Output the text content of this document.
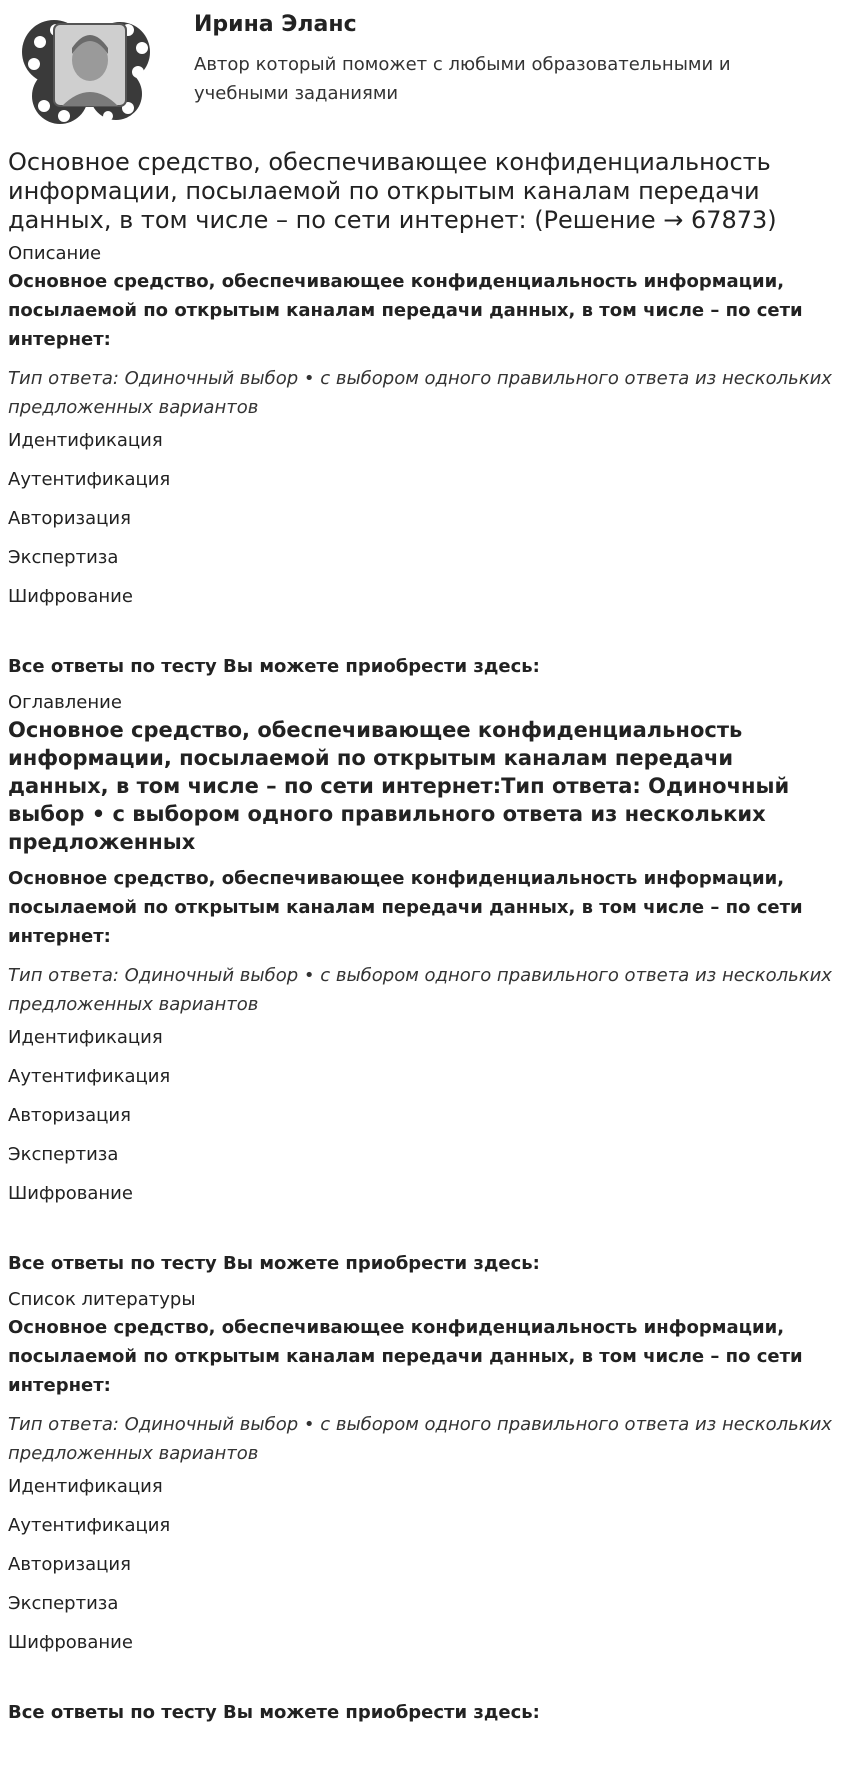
Ирина Эланс

Автор который поможет с любыми образовательными и учебными заданиями

Основное средство, обеспечивающее конфиденциальность информации, посылаемой по открытым каналам передачи данных, в том числе – по сети интернет: (Решение → 67873)

Описание

Основное средство, обеспечивающее конфиденциальность информации, посылаемой по открытым каналам передачи данных, в том числе – по сети интернет:

Тип ответа: Одиночный выбор • с выбором одного правильного ответа из нескольких предложенных вариантов

Идентификация
Аутентификация
Авторизация
Экспертиза
Шифрование

Все ответы по тесту Вы можете приобрести здесь:

Оглавление

Основное средство, обеспечивающее конфиденциальность информации, посылаемой по открытым каналам передачи данных, в том числе – по сети интернет:Тип ответа: Одиночный выбор • с выбором одного правильного ответа из нескольких предложенных

Основное средство, обеспечивающее конфиденциальность информации, посылаемой по открытым каналам передачи данных, в том числе – по сети интернет:

Тип ответа: Одиночный выбор • с выбором одного правильного ответа из нескольких предложенных вариантов

Идентификация
Аутентификация
Авторизация
Экспертиза
Шифрование

Все ответы по тесту Вы можете приобрести здесь:

Список литературы

Основное средство, обеспечивающее конфиденциальность информации, посылаемой по открытым каналам передачи данных, в том числе – по сети интернет:

Тип ответа: Одиночный выбор • с выбором одного правильного ответа из нескольких предложенных вариантов

Идентификация
Аутентификация
Авторизация
Экспертиза
Шифрование

Все ответы по тесту Вы можете приобрести здесь:
